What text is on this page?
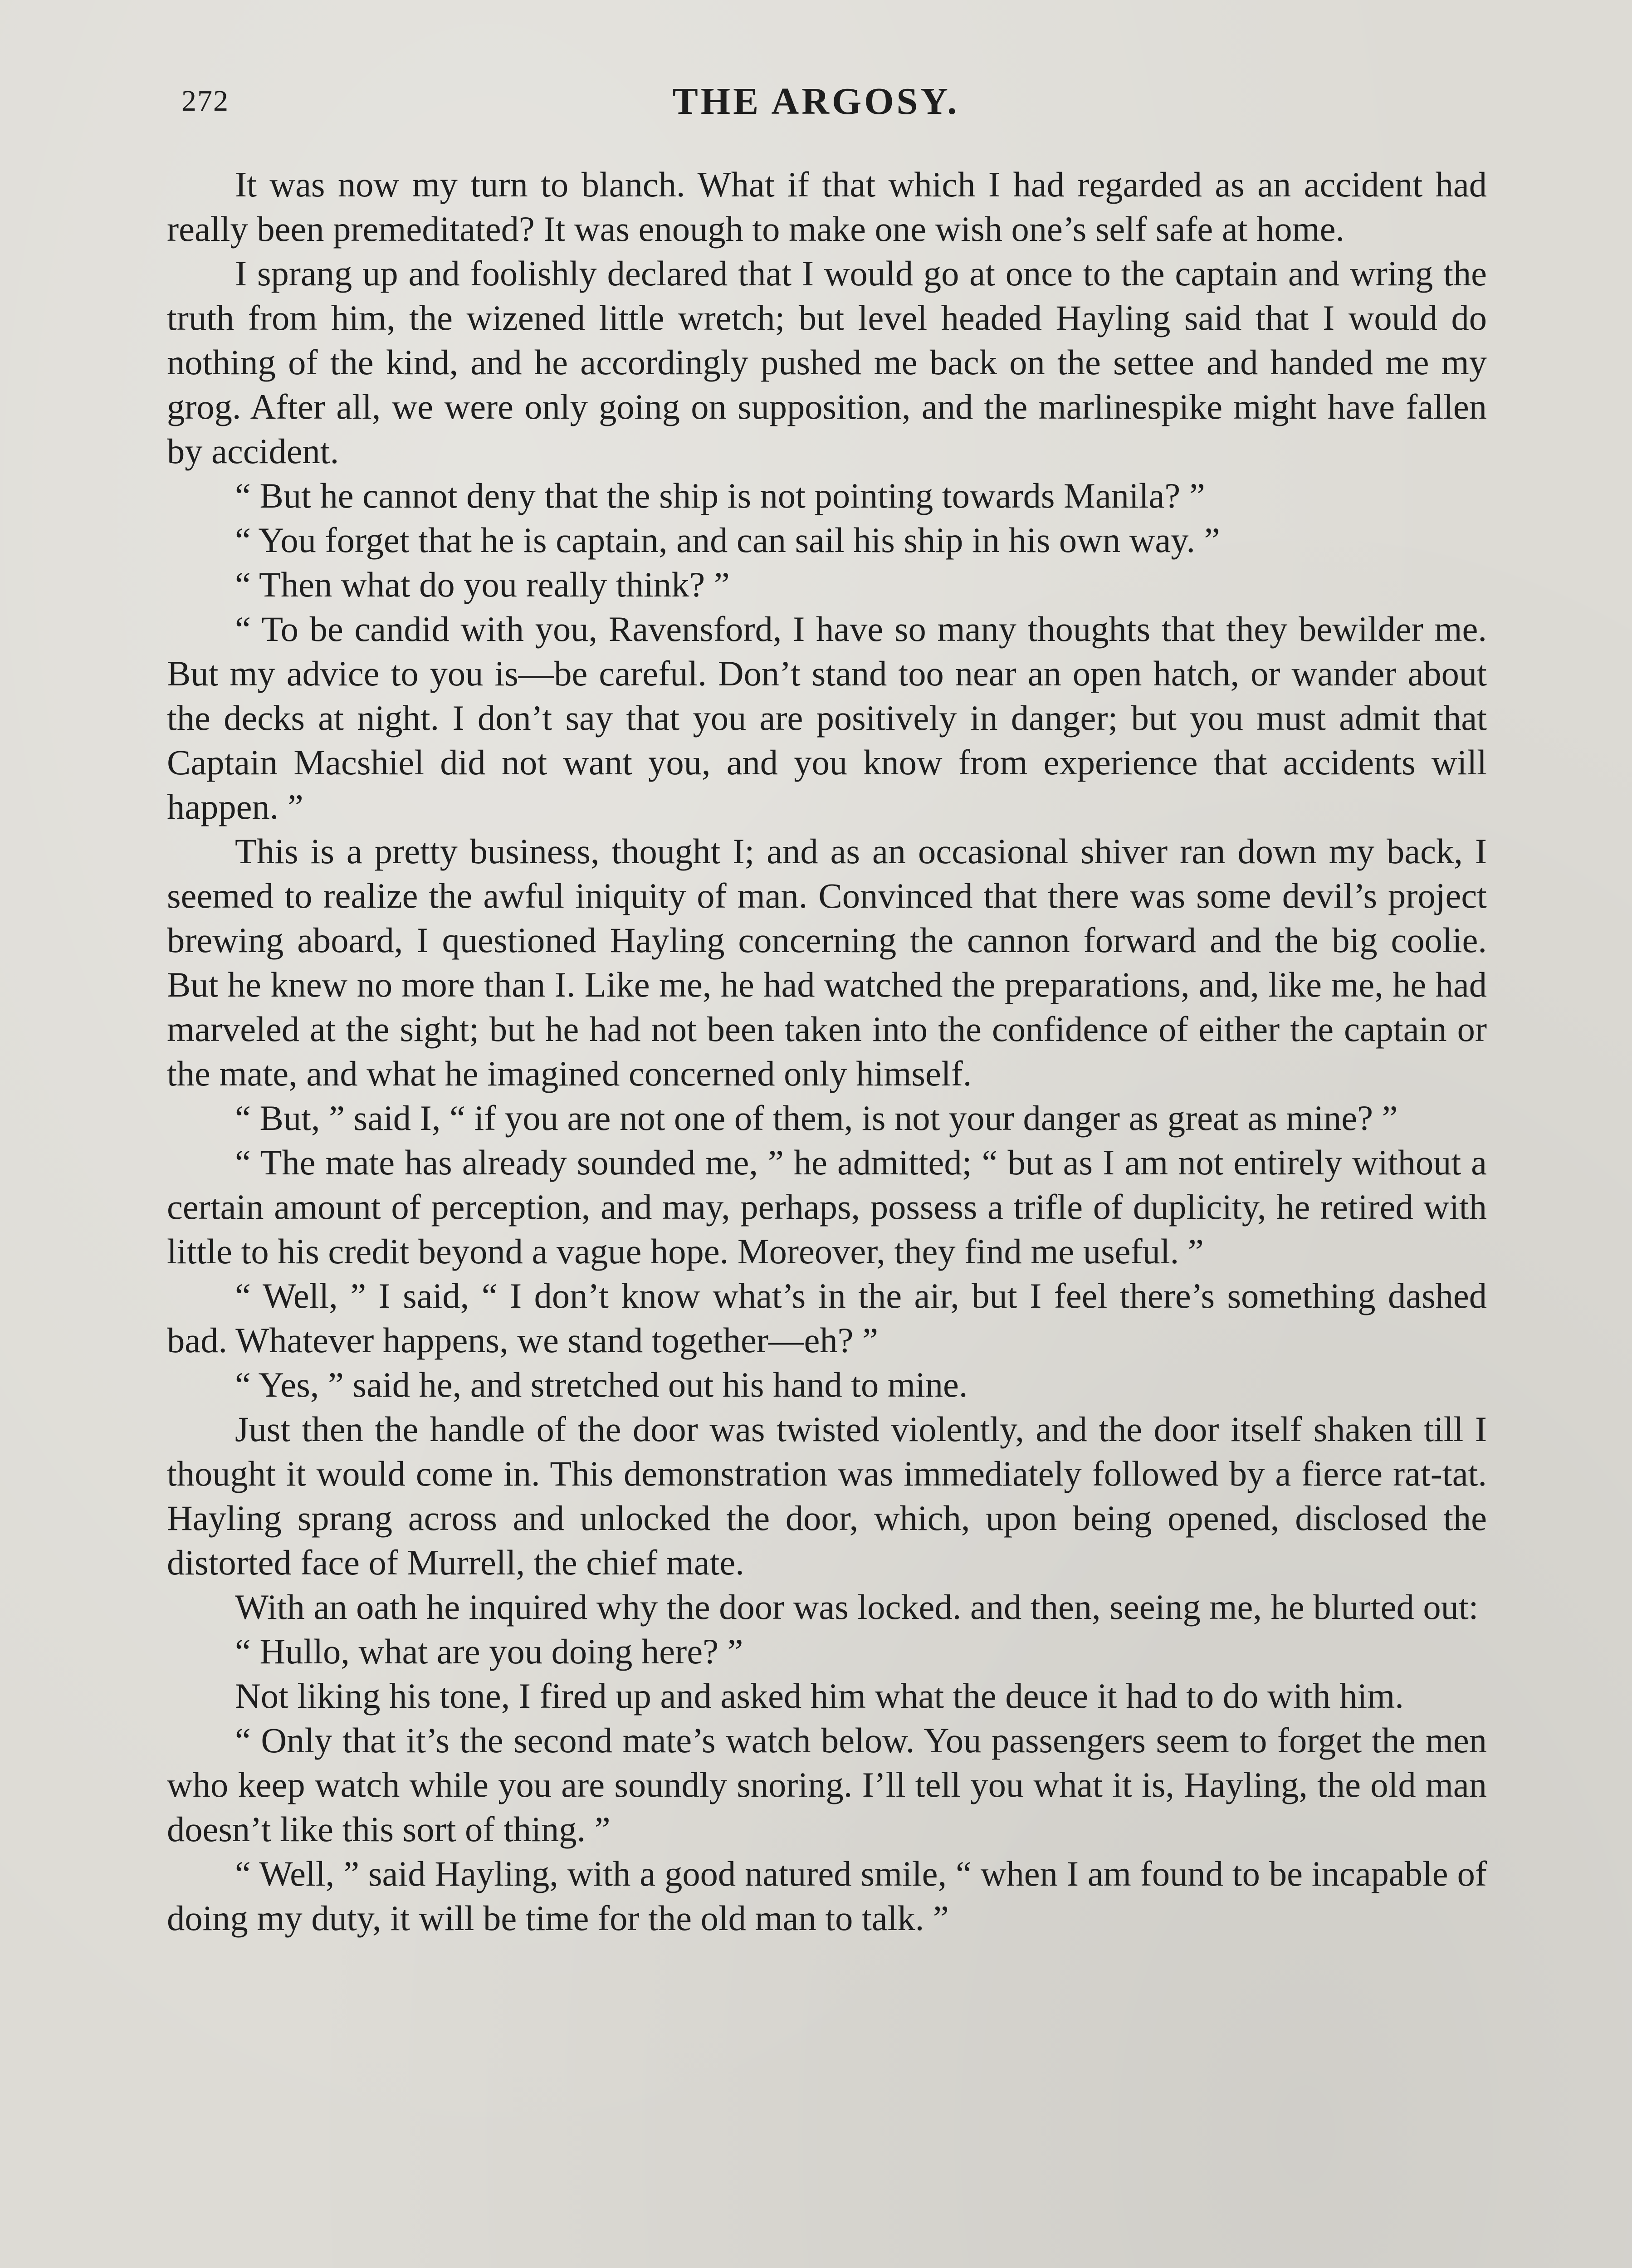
272	THE ARGOSY.

It was now my turn to blanch. What if that which I had regarded as an accident had really been premeditated? It was enough to make one wish one’s self safe at home.

I sprang up and foolishly declared that I would go at once to the captain and wring the truth from him, the wizened little wretch; but level headed Hayling said that I would do nothing of the kind, and he accordingly pushed me back on the settee and handed me my grog. After all, we were only going on supposition, and the marlinespike might have fallen by accident.

“ But he cannot deny that the ship is not pointing towards Manila? ”

“ You forget that he is captain, and can sail his ship in his own way. ”

“ Then what do you really think? ”

“ To be candid with you, Ravensford, I have so many thoughts that they bewilder me. But my advice to you is—be careful. Don’t stand too near an open hatch, or wander about the decks at night. I don’t say that you are positively in danger; but you must admit that Captain Macshiel did not want you, and you know from experience that accidents will happen. ”

This is a pretty business, thought I; and as an occasional shiver ran down my back, I seemed to realize the awful iniquity of man. Convinced that there was some devil’s project brewing aboard, I questioned Hayling concerning the cannon forward and the big coolie. But he knew no more than I. Like me, he had watched the preparations, and, like me, he had marveled at the sight; but he had not been taken into the confidence of either the captain or the mate, and what he imagined concerned only himself.

“ But, ” said I, “ if you are not one of them, is not your danger as great as mine? ”

“ The mate has already sounded me, ” he admitted; “ but as I am not entirely without a certain amount of perception, and may, perhaps, possess a trifle of duplicity, he retired with little to his credit beyond a vague hope. Moreover, they find me useful. ”

“ Well, ” I said, “ I don’t know what’s in the air, but I feel there’s something dashed bad. Whatever happens, we stand together—eh? ”

“ Yes, ” said he, and stretched out his hand to mine.

Just then the handle of the door was twisted violently, and the door itself shaken till I thought it would come in. This demonstration was immediately followed by a fierce rat-tat. Hayling sprang across and unlocked the door, which, upon being opened, disclosed the distorted face of Murrell, the chief mate.

With an oath he inquired why the door was locked. and then, seeing me, he blurted out:

“ Hullo, what are you doing here? ”

Not liking his tone, I fired up and asked him what the deuce it had to do with him.

“ Only that it’s the second mate’s watch below. You passengers seem to forget the men who keep watch while you are soundly snoring. I’ll tell you what it is, Hayling, the old man doesn’t like this sort of thing. ”

“ Well, ” said Hayling, with a good natured smile, “ when I am found to be incapable of doing my duty, it will be time for the old man to talk. ”
